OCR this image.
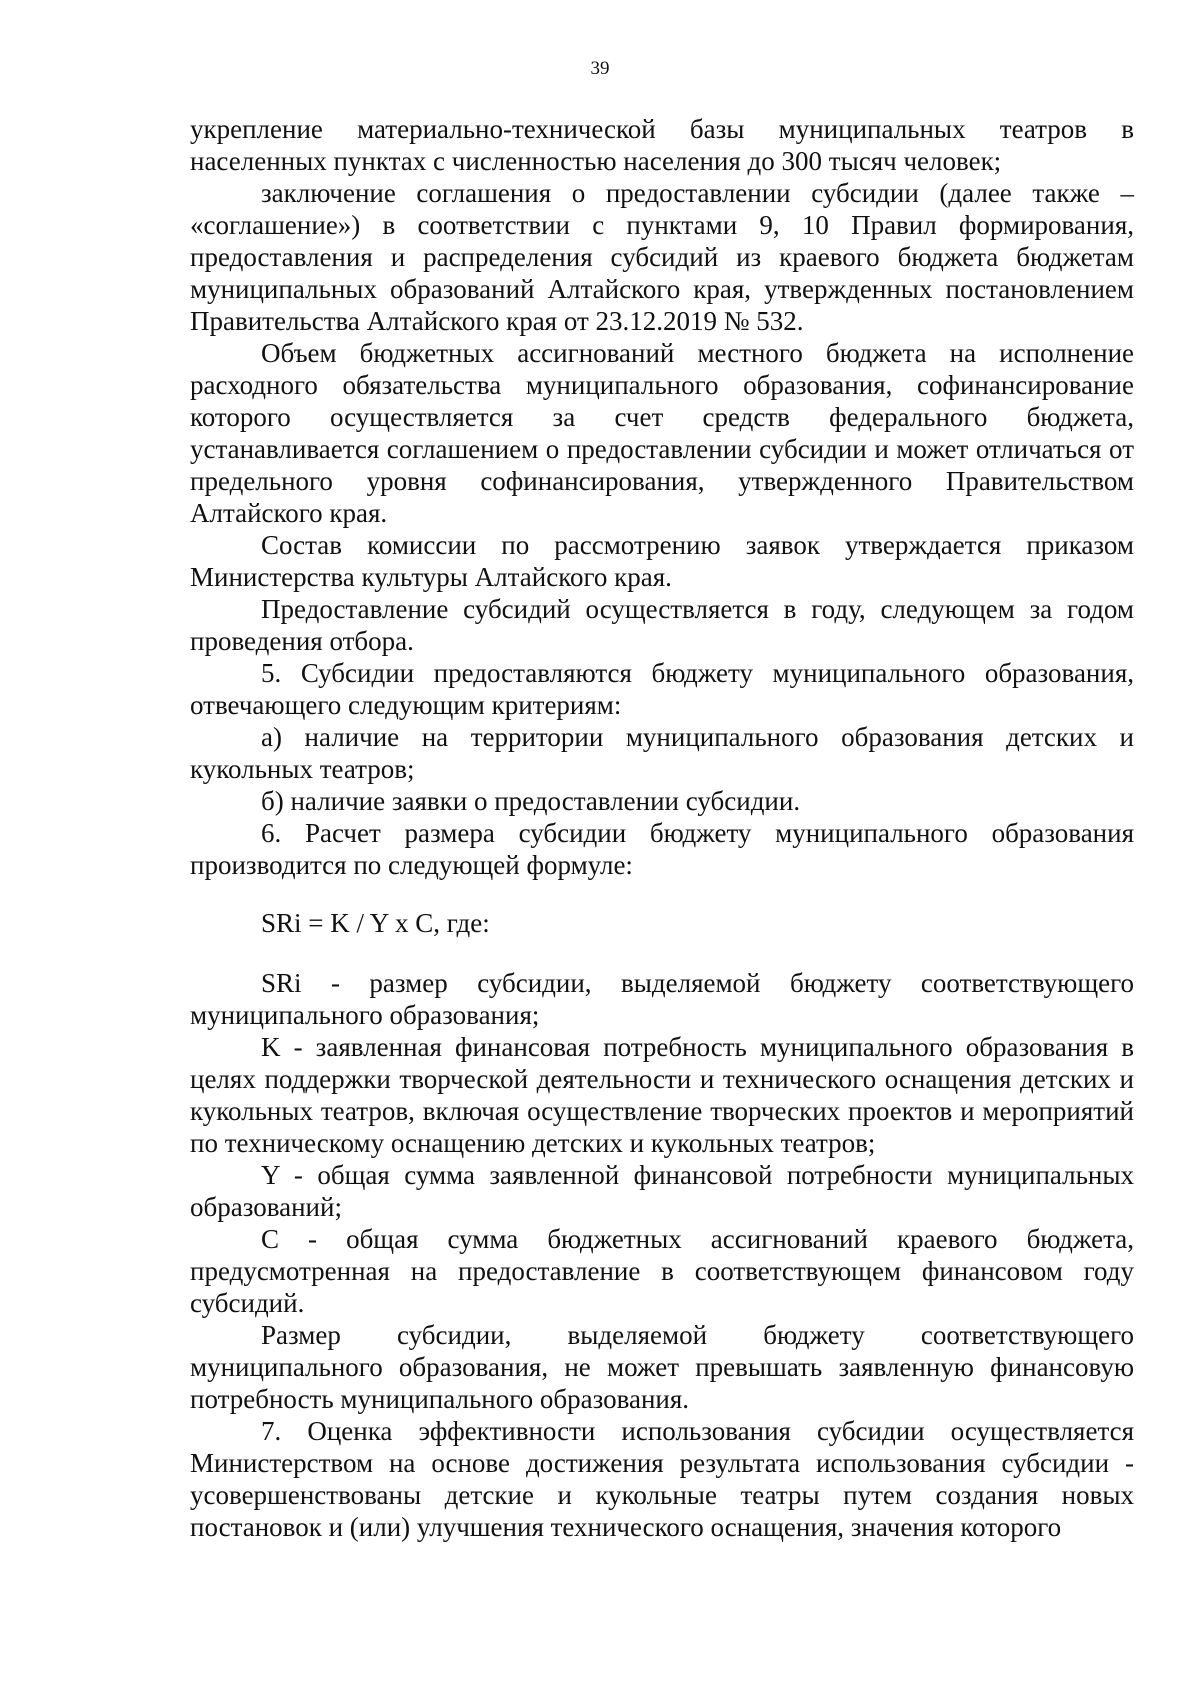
39

укрепление материально-технической базы муниципальных театров в населенных пунктах с численностью населения до 300 тысяч человек;

заключение соглашения о предоставлении субсидии (далее также – «соглашение») в соответствии с пунктами 9, 10 Правил формирования, предоставления и распределения субсидий из краевого бюджета бюджетам муниципальных образований Алтайского края, утвержденных постановлением Правительства Алтайского края от 23.12.2019 № 532.

Объем бюджетных ассигнований местного бюджета на исполнение расходного обязательства муниципального образования, софинансирование которого осуществляется за счет средств федерального бюджета, устанавливается соглашением о предоставлении субсидии и может отличаться от предельного уровня софинансирования, утвержденного Правительством Алтайского края.

Состав комиссии по рассмотрению заявок утверждается приказом Министерства культуры Алтайского края.

Предоставление субсидий осуществляется в году, следующем за годом проведения отбора.

5. Субсидии предоставляются бюджету муниципального образования, отвечающего следующим критериям:

а) наличие на территории муниципального образования детских и кукольных театров;

б) наличие заявки о предоставлении субсидии.

6. Расчет размера субсидии бюджету муниципального образования производится по следующей формуле:

SRi = K / Y x C, где:

SRi - размер субсидии, выделяемой бюджету соответствующего муниципального образования;

K - заявленная финансовая потребность муниципального образования в целях поддержки творческой деятельности и технического оснащения детских и кукольных театров, включая осуществление творческих проектов и мероприятий по техническому оснащению детских и кукольных театров;

Y - общая сумма заявленной финансовой потребности муниципальных образований;

C - общая сумма бюджетных ассигнований краевого бюджета, предусмотренная на предоставление в соответствующем финансовом году субсидий.

Размер субсидии, выделяемой бюджету соответствующего муниципального образования, не может превышать заявленную финансовую потребность муниципального образования.

7. Оценка эффективности использования субсидии осуществляется Министерством на основе достижения результата использования субсидии - усовершенствованы детские и кукольные театры путем создания новых постановок и (или) улучшения технического оснащения, значения которого
